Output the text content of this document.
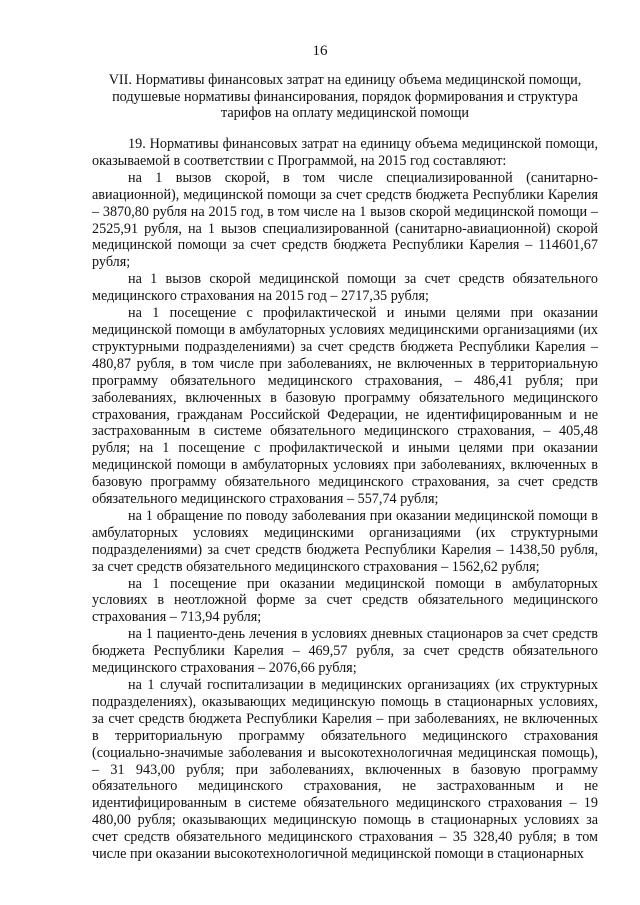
16
VII. Нормативы финансовых затрат на единицу объема медицинской помощи, подушевые нормативы финансирования, порядок формирования и структура тарифов на оплату медицинской помощи

19. Нормативы финансовых затрат на единицу объема медицинской помощи, оказываемой в соответствии с Программой, на 2015 год составляют:

на 1 вызов скорой, в том числе специализированной (санитарно-авиационной), медицинской помощи за счет средств бюджета Республики Карелия – 3870,80 рубля на 2015 год, в том числе на 1 вызов скорой медицинской помощи – 2525,91 рубля, на 1 вызов специализированной (санитарно-авиационной) скорой медицинской помощи за счет средств бюджета Республики Карелия – 114601,67 рубля;

на 1 вызов скорой медицинской помощи за счет средств обязательного медицинского страхования на 2015 год – 2717,35 рубля;

на 1 посещение с профилактической и иными целями при оказании медицинской помощи в амбулаторных условиях медицинскими организациями (их структурными подразделениями) за счет средств бюджета Республики Карелия – 480,87 рубля, в том числе при заболеваниях, не включенных в территориальную программу обязательного медицинского страхования, – 486,41 рубля; при заболеваниях, включенных в базовую программу обязательного медицинского страхования, гражданам Российской Федерации, не идентифицированным и не застрахованным в системе обязательного медицинского страхования, – 405,48 рубля; на 1 посещение с профилактической и иными целями при оказании медицинской помощи в амбулаторных условиях при заболеваниях, включенных в базовую программу обязательного медицинского страхования, за счет средств обязательного медицинского страхования – 557,74 рубля;

на 1 обращение по поводу заболевания при оказании медицинской помощи в амбулаторных условиях медицинскими организациями (их структурными подразделениями) за счет средств бюджета Республики Карелия – 1438,50 рубля, за счет средств обязательного медицинского страхования – 1562,62 рубля;

на 1 посещение при оказании медицинской помощи в амбулаторных условиях в неотложной форме за счет средств обязательного медицинского страхования – 713,94 рубля;

на 1 пациенто-день лечения в условиях дневных стационаров за счет средств бюджета Республики Карелия – 469,57 рубля, за счет средств обязательного медицинского страхования – 2076,66 рубля;

на 1 случай госпитализации в медицинских организациях (их структурных подразделениях), оказывающих медицинскую помощь в стационарных условиях, за счет средств бюджета Республики Карелия – при заболеваниях, не включенных в территориальную программу обязательного медицинского страхования (социально-значимые заболевания и высокотехнологичная медицинская помощь), – 31 943,00 рубля; при заболеваниях, включенных в базовую программу обязательного медицинского страхования, не застрахованным и не идентифицированным в системе обязательного медицинского страхования – 19 480,00 рубля; оказывающих медицинскую помощь в стационарных условиях за счет средств обязательного медицинского страхования – 35 328,40 рубля; в том числе при оказании высокотехнологичной медицинской помощи в стационарных
